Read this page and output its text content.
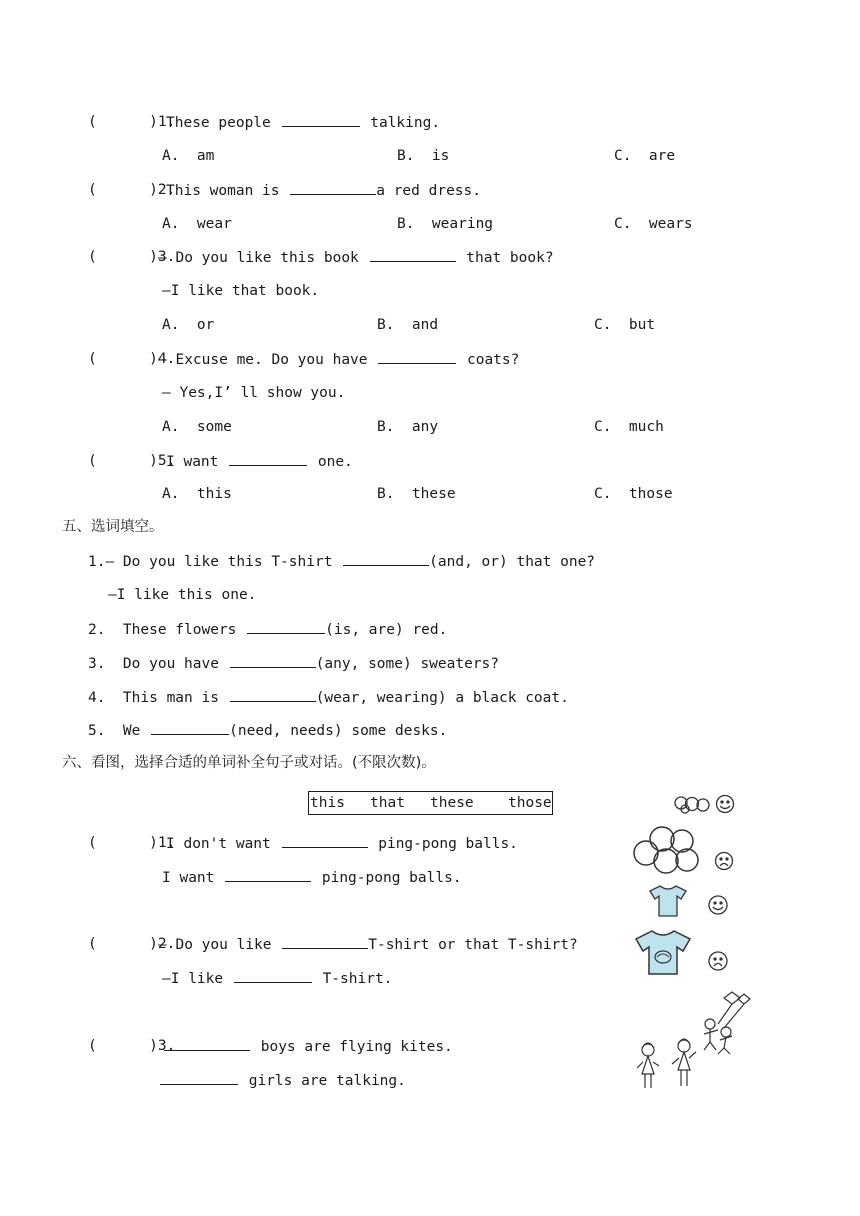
(      )1.
These people	talking.
A.  am	B.  is	C.  are
(      )2.
This woman is	a red dress.
A.  wear	B.  wearing	C.  wears
(      )3.
— Do you like this book	that book?
—I like that book.
A.  or	B.  and	C.  but
(      )4.
— Excuse me. Do you have	coats?
— Yes,I’ ll show you.
A.  some	B.  any	C.  much
(      )5.
I want	one.
A.  this	B.  these	C.  those
五、选词填空。
1.— Do you like this T-shirt	(and, or) that one?
—I like this one.
2.  These flowers	(is, are) red.
3.  Do you have	(any, some) sweaters?
4.  This man is	(wear, wearing) a black coat.
5.  We	(need, needs) some desks.
六、看图，选择合适的单词补全句子或对话。(不限次数)。
this that these those
(      )1.
I don't want	ping-pong balls.
I want	ping-pong balls.
(      )2.
— Do you like	T-shirt or that T-shirt?
—I like	T-shirt.
(      )3.	boys are flying kites.
girls are talking.
